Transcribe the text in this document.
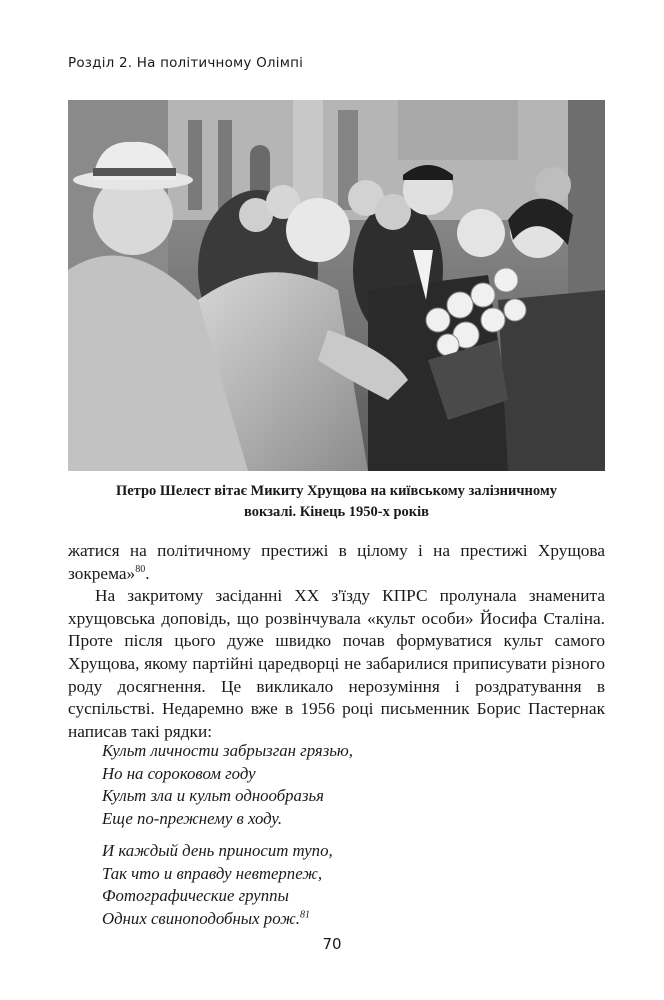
Розділ 2. На політичному Олімпі
Петро Шелест вітає Микиту Хрущова на київському залізничному
вокзалі. Кінець 1950-х років

жатися на політичному престижі в цілому і на престижі Хрущова зокрема»$^{80}$.

На закритому засіданні XX з'їзду КПРС пролунала знаменита хрущовська доповідь, що розвінчувала «культ особи» Йосифа Сталіна. Проте після цього дуже швидко почав формуватися культ самого Хрущова, якому партійні царедворці не забарилися приписувати різного роду досягнення. Це викликало нерозуміння і роздратування в суспільстві. Недаремно вже в 1956 році письменник Борис Пастернак написав такі рядки:

Культ личности забрызган грязью,
Но на сороковом году
Культ зла и культ однообразья
Еще по-прежнему в ходу.
И каждый день приносит тупо,
Так что и вправду невтерпеж,
Фотографические группы
Одних свиноподобных рож.$^{81}$
70
